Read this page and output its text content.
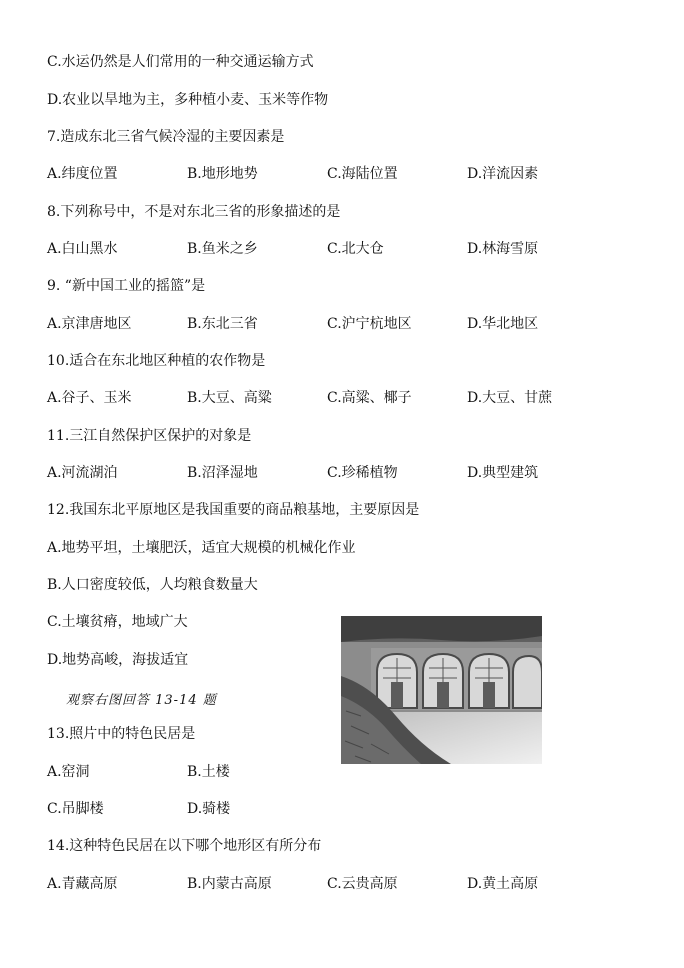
C.水运仍然是人们常用的一种交通运输方式
D.农业以旱地为主，多种植小麦、玉米等作物
7.造成东北三省气候冷湿的主要因素是
A.纬度位置	B.地形地势	C.海陆位置	D.洋流因素
8.下列称号中，不是对东北三省的形象描述的是
A.白山黑水	B.鱼米之乡	C.北大仓	D.林海雪原
9. “新中国工业的摇篮”是
A.京津唐地区	B.东北三省	C.沪宁杭地区	D.华北地区
10.适合在东北地区种植的农作物是
A.谷子、玉米	B.大豆、高粱	C.高粱、椰子	D.大豆、甘蔗
11.三江自然保护区保护的对象是
A.河流湖泊	B.沼泽湿地	C.珍稀植物	D.典型建筑
12.我国东北平原地区是我国重要的商品粮基地，主要原因是
A.地势平坦，土壤肥沃，适宜大规模的机械化作业
B.人口密度较低，人均粮食数量大
C.土壤贫瘠，地域广大
D.地势高峻，海拔适宜
观察右图回答 13-14 题
13.照片中的特色民居是
A.窑洞	B.土楼
C.吊脚楼	D.骑楼
14.这种特色民居在以下哪个地形区有所分布
A.青藏高原	B.内蒙古高原	C.云贵高原	D.黄土高原
